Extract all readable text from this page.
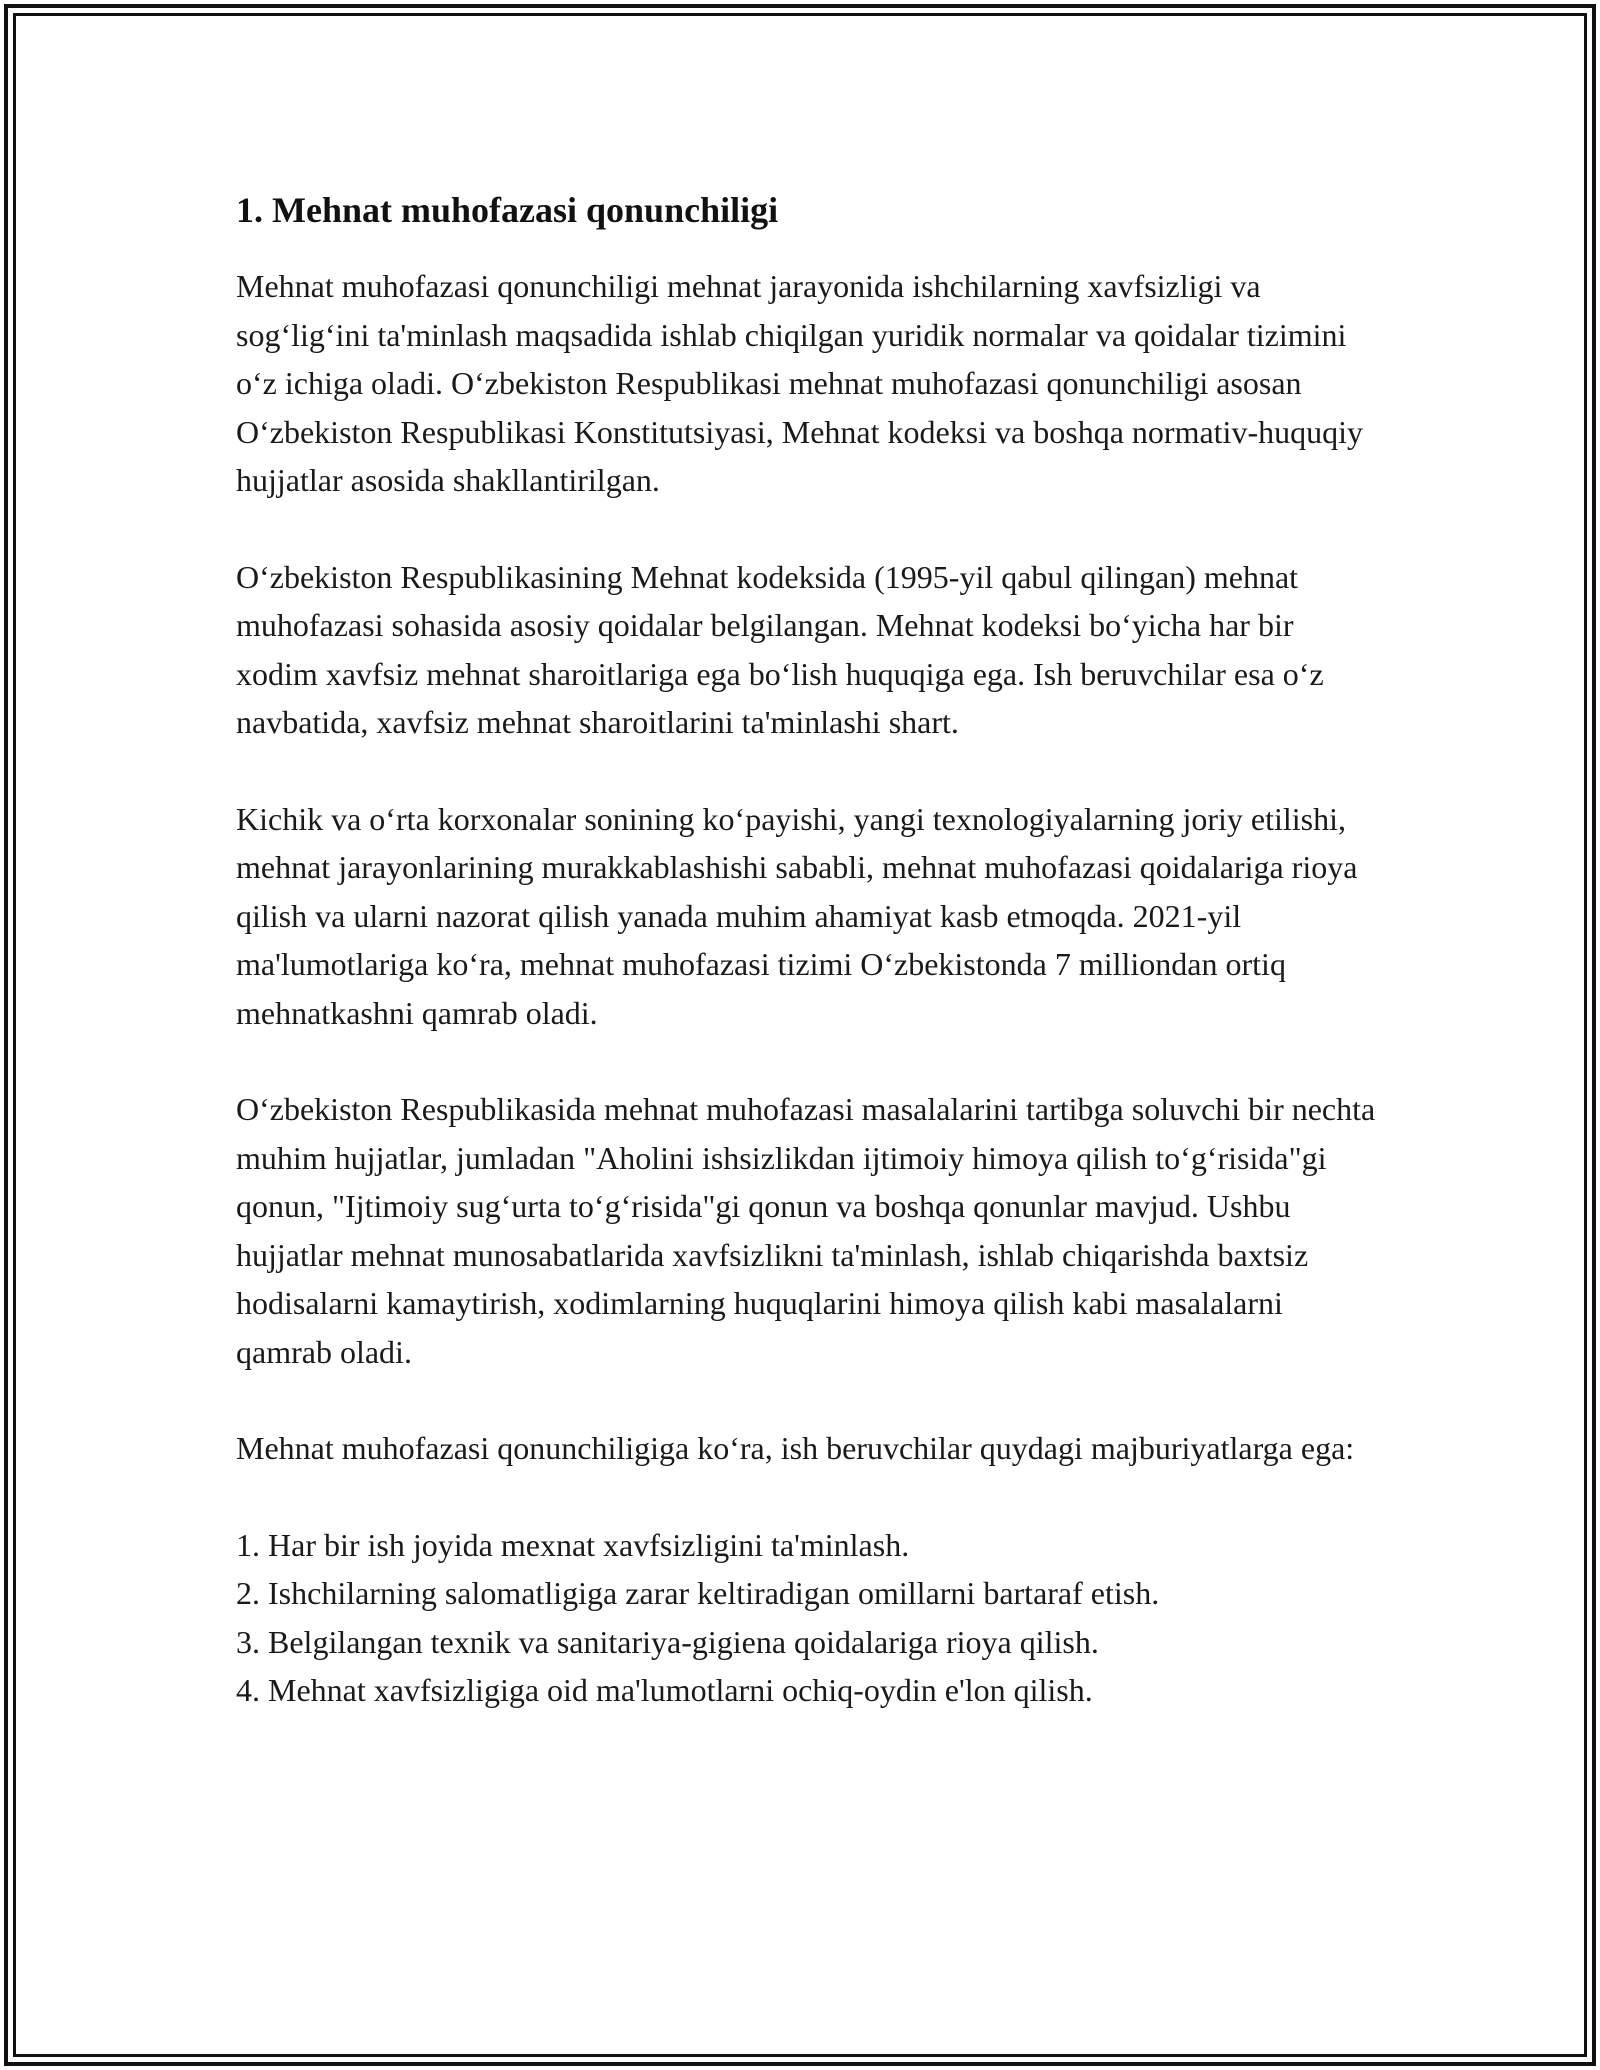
1. Mehnat muhofazasi qonunchiligi

Mehnat muhofazasi qonunchiligi mehnat jarayonida ishchilarning xavfsizligi va sog‘lig‘ini ta'minlash maqsadida ishlab chiqilgan yuridik normalar va qoidalar tizimini o‘z ichiga oladi. O‘zbekiston Respublikasi mehnat muhofazasi qonunchiligi asosan O‘zbekiston Respublikasi Konstitutsiyasi, Mehnat kodeksi va boshqa normativ-huquqiy hujjatlar asosida shakllantirilgan.

O‘zbekiston Respublikasining Mehnat kodeksida (1995-yil qabul qilingan) mehnat muhofazasi sohasida asosiy qoidalar belgilangan. Mehnat kodeksi bo‘yicha har bir xodim xavfsiz mehnat sharoitlariga ega bo‘lish huquqiga ega. Ish beruvchilar esa o‘z navbatida, xavfsiz mehnat sharoitlarini ta'minlashi shart.

Kichik va o‘rta korxonalar sonining ko‘payishi, yangi texnologiyalarning joriy etilishi, mehnat jarayonlarining murakkablashishi sababli, mehnat muhofazasi qoidalariga rioya qilish va ularni nazorat qilish yanada muhim ahamiyat kasb etmoqda. 2021-yil ma'lumotlariga ko‘ra, mehnat muhofazasi tizimi O‘zbekistonda 7 milliondan ortiq mehnatkashni qamrab oladi.

O‘zbekiston Respublikasida mehnat muhofazasi masalalarini tartibga soluvchi bir nechta muhim hujjatlar, jumladan "Aholini ishsizlikdan ijtimoiy himoya qilish to‘g‘risida"gi qonun, "Ijtimoiy sug‘urta to‘g‘risida"gi qonun va boshqa qonunlar mavjud. Ushbu hujjatlar mehnat munosabatlarida xavfsizlikni ta'minlash, ishlab chiqarishda baxtsiz hodisalarni kamaytirish, xodimlarning huquqlarini himoya qilish kabi masalalarni qamrab oladi.

Mehnat muhofazasi qonunchiligiga ko‘ra, ish beruvchilar quydagi majburiyatlarga ega:

1. Har bir ish joyida mexnat xavfsizligini ta'minlash.
2. Ishchilarning salomatligiga zarar keltiradigan omillarni bartaraf etish.
3. Belgilangan texnik va sanitariya-gigiena qoidalariga rioya qilish.
4. Mehnat xavfsizligiga oid ma'lumotlarni ochiq-oydin e'lon qilish.
